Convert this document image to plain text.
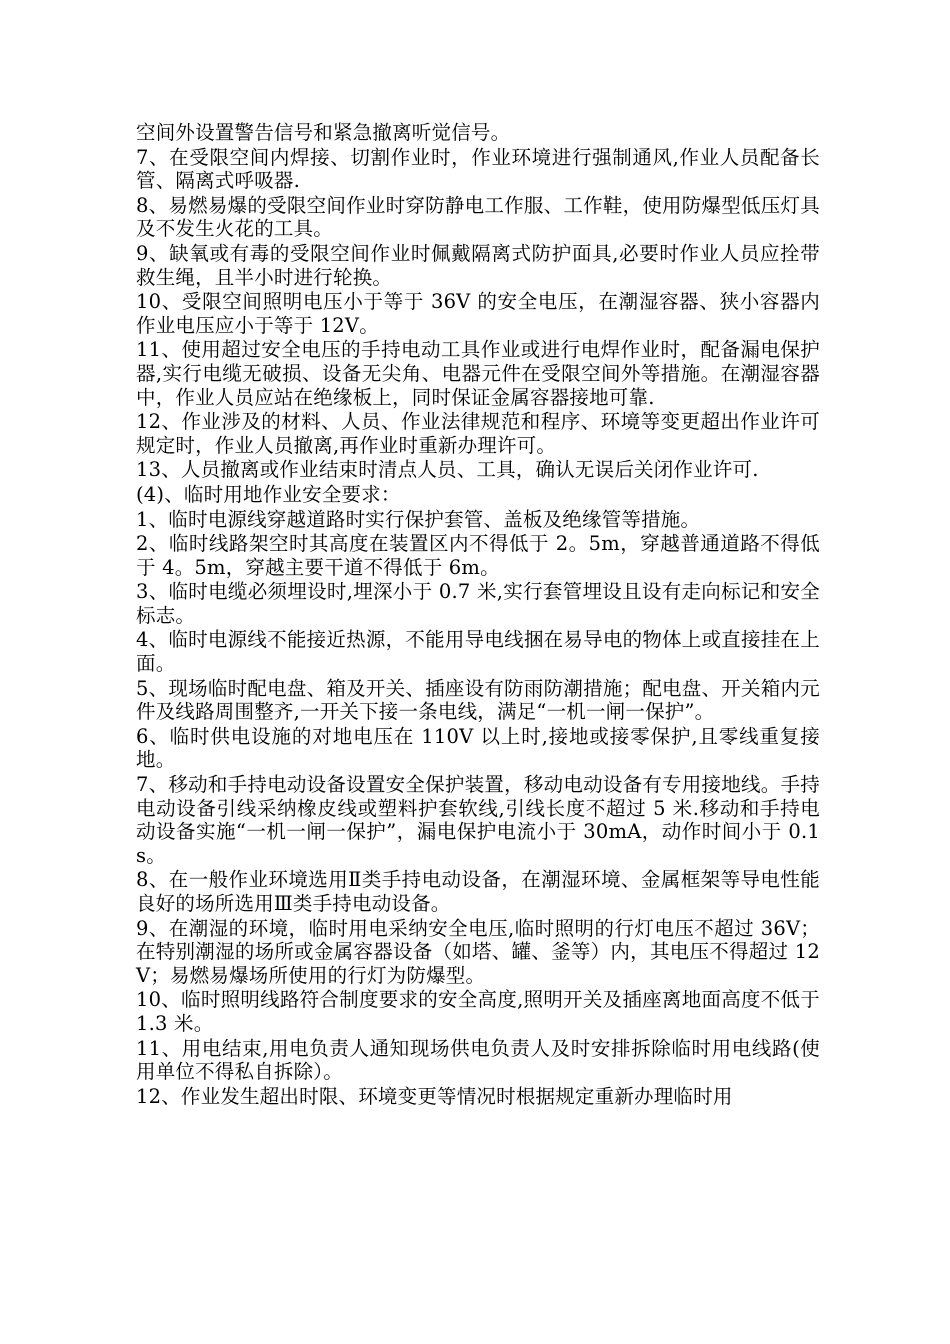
空间外设置警告信号和紧急撤离听觉信号。

7、在受限空间内焊接、切割作业时，作业环境进行强制通风,作业人员配备长管、隔离式呼吸器.

8、易燃易爆的受限空间作业时穿防静电工作服、工作鞋，使用防爆型低压灯具及不发生火花的工具。

9、缺氧或有毒的受限空间作业时佩戴隔离式防护面具,必要时作业人员应拴带救生绳，且半小时进行轮换。

10、受限空间照明电压小于等于 36V 的安全电压，在潮湿容器、狭小容器内作业电压应小于等于 12V。

11、使用超过安全电压的手持电动工具作业或进行电焊作业时，配备漏电保护器,实行电缆无破损、设备无尖角、电器元件在受限空间外等措施。在潮湿容器中，作业人员应站在绝缘板上，同时保证金属容器接地可靠.

12、作业涉及的材料、人员、作业法律规范和程序、环境等变更超出作业许可规定时，作业人员撤离,再作业时重新办理许可。

13、人员撤离或作业结束时清点人员、工具，确认无误后关闭作业许可.

(4)、临时用地作业安全要求：

1、临时电源线穿越道路时实行保护套管、盖板及绝缘管等措施。

2、临时线路架空时其高度在装置区内不得低于 2。5m，穿越普通道路不得低于 4。5m，穿越主要干道不得低于 6m。

3、临时电缆必须埋设时,埋深小于 0.7 米,实行套管埋设且设有走向标记和安全标志。

4、临时电源线不能接近热源，不能用导电线捆在易导电的物体上或直接挂在上面。

5、现场临时配电盘、箱及开关、插座设有防雨防潮措施；配电盘、开关箱内元件及线路周围整齐,一开关下接一条电线，满足“一机一闸一保护”。

6、临时供电设施的对地电压在 110V 以上时,接地或接零保护,且零线重复接地。

7、移动和手持电动设备设置安全保护装置，移动电动设备有专用接地线。手持电动设备引线采纳橡皮线或塑料护套软线,引线长度不超过 5 米.移动和手持电动设备实施“一机一闸一保护”，漏电保护电流小于 30mA，动作时间小于 0.1s。

8、在一般作业环境选用Ⅱ类手持电动设备，在潮湿环境、金属框架等导电性能良好的场所选用Ⅲ类手持电动设备。

9、在潮湿的环境，临时用电采纳安全电压,临时照明的行灯电压不超过 36V；在特别潮湿的场所或金属容器设备（如塔、罐、釜等）内，其电压不得超过 12V；易燃易爆场所使用的行灯为防爆型。

10、临时照明线路符合制度要求的安全高度,照明开关及插座离地面高度不低于 1.3 米。

11、用电结束,用电负责人通知现场供电负责人及时安排拆除临时用电线路(使用单位不得私自拆除）。

12、作业发生超出时限、环境变更等情况时根据规定重新办理临时用
